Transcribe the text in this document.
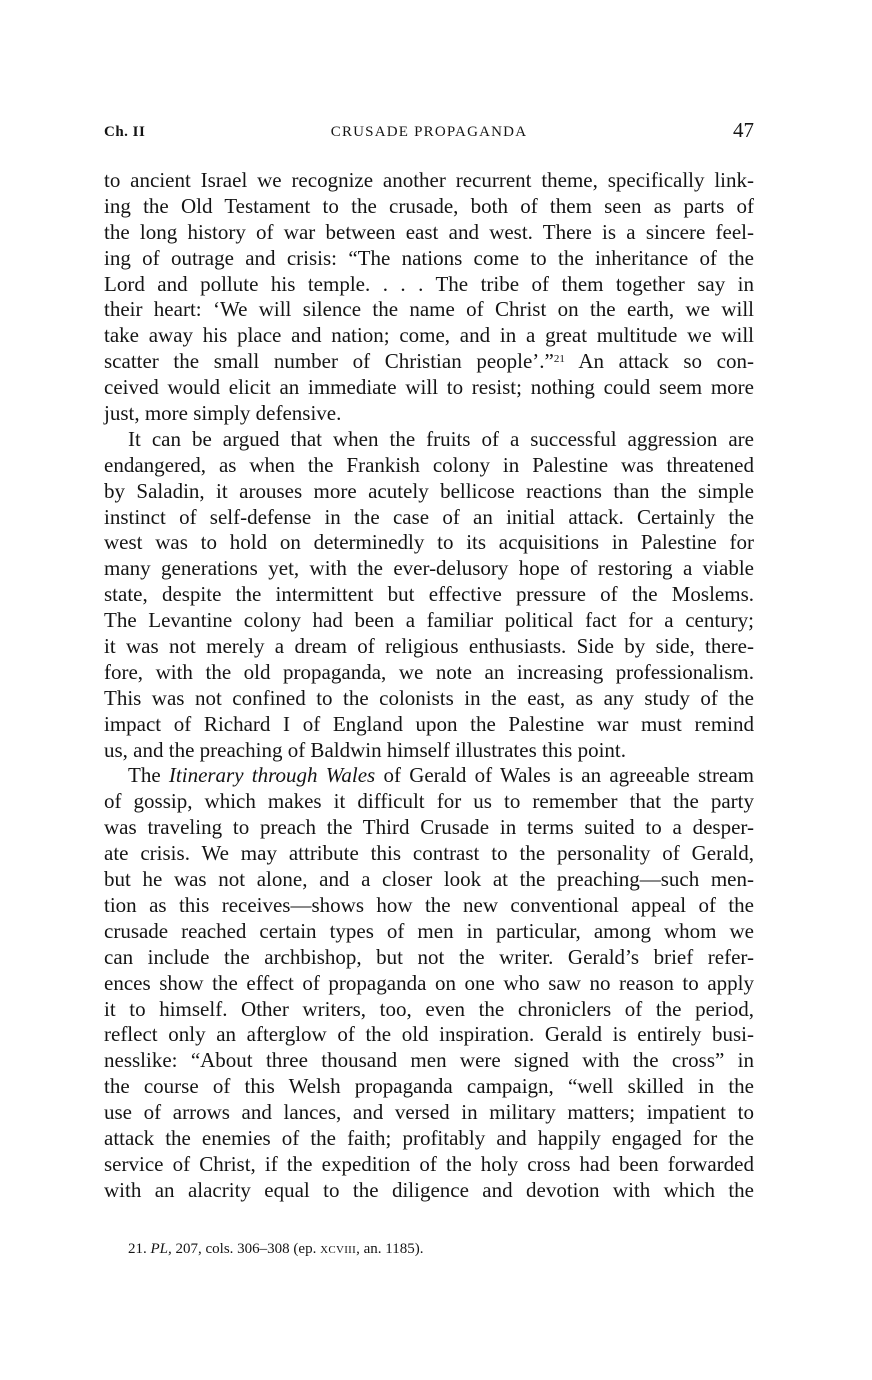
Ch. II	CRUSADE PROPAGANDA	47
to ancient Israel we recognize another recurrent theme, specifically link-
ing the Old Testament to the crusade, both of them seen as parts of
the long history of war between east and west. There is a sincere feel-
ing of outrage and crisis: “The nations come to the inheritance of the
Lord and pollute his temple. . . . The tribe of them together say in
their heart: ‘We will silence the name of Christ on the earth, we will
take away his place and nation; come, and in a great multitude we will
scatter the small number of Christian people’.”$^{21}$ An attack so con-
ceived would elicit an immediate will to resist; nothing could seem more
just, more simply defensive.
It can be argued that when the fruits of a successful aggression are
endangered, as when the Frankish colony in Palestine was threatened
by Saladin, it arouses more acutely bellicose reactions than the simple
instinct of self-defense in the case of an initial attack. Certainly the
west was to hold on determinedly to its acquisitions in Palestine for
many generations yet, with the ever-delusory hope of restoring a viable
state, despite the intermittent but effective pressure of the Moslems.
The Levantine colony had been a familiar political fact for a century;
it was not merely a dream of religious enthusiasts. Side by side, there-
fore, with the old propaganda, we note an increasing professionalism.
This was not confined to the colonists in the east, as any study of the
impact of Richard I of England upon the Palestine war must remind
us, and the preaching of Baldwin himself illustrates this point.
The Itinerary through Wales of Gerald of Wales is an agreeable stream
of gossip, which makes it difficult for us to remember that the party
was traveling to preach the Third Crusade in terms suited to a desper-
ate crisis. We may attribute this contrast to the personality of Gerald,
but he was not alone, and a closer look at the preaching—such men-
tion as this receives—shows how the new conventional appeal of the
crusade reached certain types of men in particular, among whom we
can include the archbishop, but not the writer. Gerald’s brief refer-
ences show the effect of propaganda on one who saw no reason to apply
it to himself. Other writers, too, even the chroniclers of the period,
reflect only an afterglow of the old inspiration. Gerald is entirely busi-
nesslike: “About three thousand men were signed with the cross” in
the course of this Welsh propaganda campaign, “well skilled in the
use of arrows and lances, and versed in military matters; impatient to
attack the enemies of the faith; profitably and happily engaged for the
service of Christ, if the expedition of the holy cross had been forwarded
with an alacrity equal to the diligence and devotion with which the
21. PL, 207, cols. 306–308 (ep. xcviii, an. 1185).
